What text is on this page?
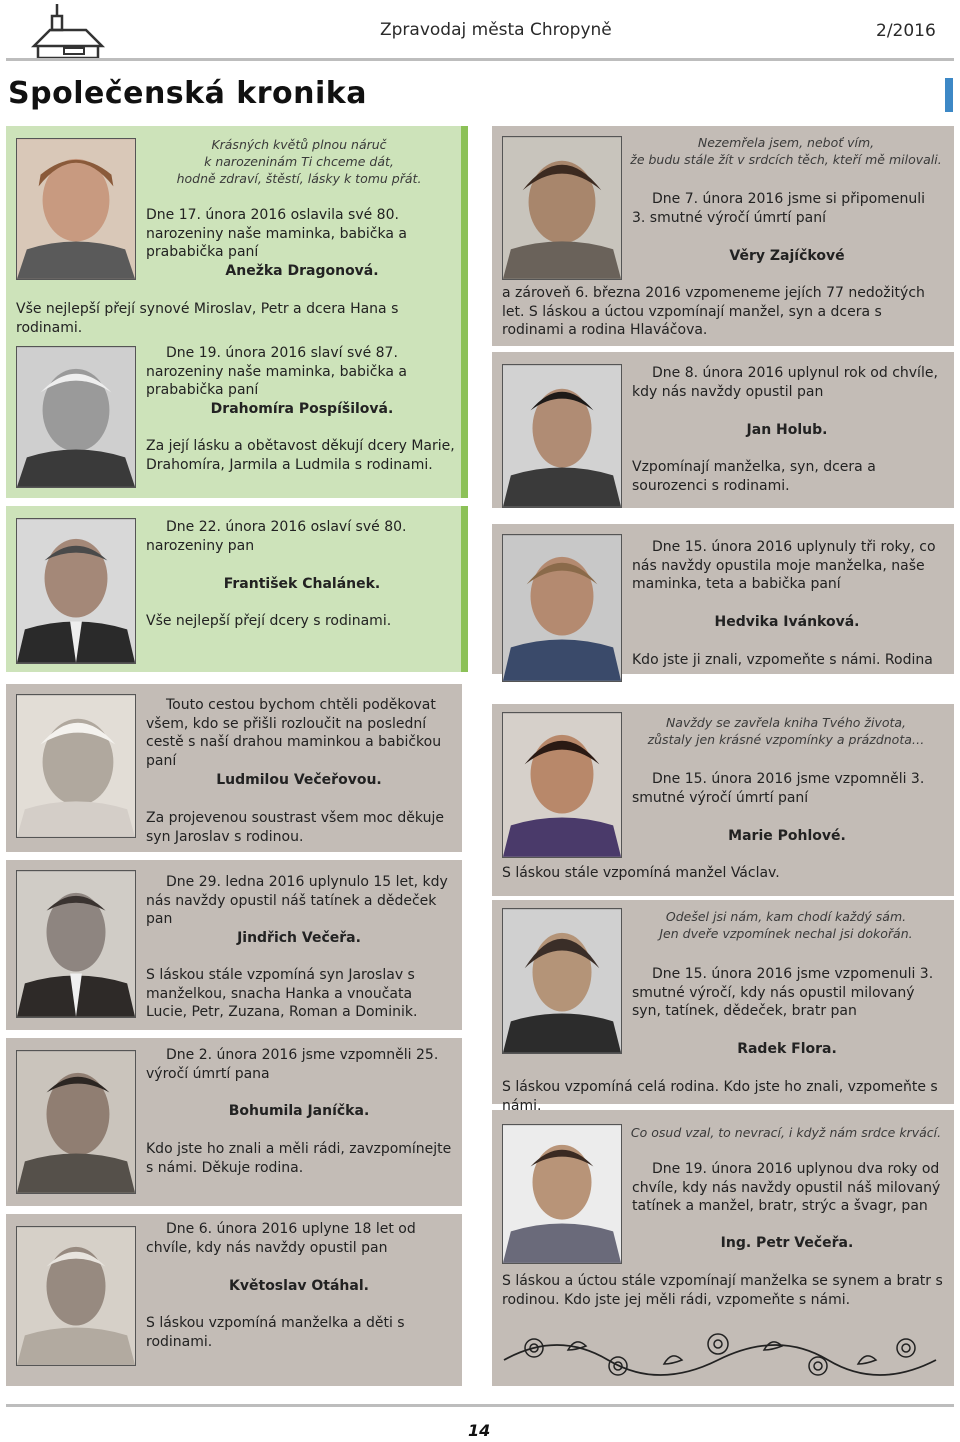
Zpravodaj města Chropyně	2/2016
Společenská kronika
Krásných květů plnou náruč
k narozeninám Ti chceme dát,
hodně zdraví, štěstí, lásky k tomu přát.
Dne 17. února 2016 oslavila své 80. narozeniny naše maminka, babička a prababička paní
Anežka Dragonová.
Vše nejlepší přejí synové Miroslav, Petr a dcera Hana s rodinami.
Dne 19. února 2016 slaví své 87. narozeniny naše maminka, babička a prababička paní
Drahomíra Pospíšilová.
Za její lásku a obětavost děkují dcery Marie, Drahomíra, Jarmila a Ludmila s rodinami.
Dne 22. února 2016 oslaví své 80. narozeniny pan
František Chalánek.
Vše nejlepší přejí dcery s rodinami.
Touto cestou bychom chtěli poděkovat všem, kdo se přišli rozloučit na poslední cestě s naší drahou maminkou a babičkou paní
Ludmilou Večeřovou.
Za projevenou soustrast všem moc děkuje syn Jaroslav s rodinou.
Dne 29. ledna 2016 uplynulo 15 let, kdy nás navždy opustil náš tatínek a dědeček pan
Jindřich Večeřa.
S láskou stále vzpomíná syn Jaroslav s manželkou, snacha Hanka a vnoučata Lucie, Petr, Zuzana, Roman a Dominik.
Dne 2. února 2016 jsme vzpomněli 25. výročí úmrtí pana
Bohumila Janíčka.
Kdo jste ho znali a měli rádi, zavzpomínejte s námi. Děkuje rodina.
Dne 6. února 2016 uplyne 18 let od chvíle, kdy nás navždy opustil pan
Květoslav Otáhal.
S láskou vzpomíná manželka a děti s rodinami.
Nezemřela jsem, neboť vím,
že budu stále žít v srdcích těch, kteří mě milovali.
Dne 7. února 2016 jsme si připomenuli 3. smutné výročí úmrtí paní
Věry Zajíčkové
a zároveň 6. března 2016 vzpomeneme jejích 77 nedožitých let. S láskou a úctou vzpomínají manžel, syn a dcera s rodinami a rodina Hlaváčova.
Dne 8. února 2016 uplynul rok od chvíle, kdy nás navždy opustil pan
Jan Holub.
Vzpomínají manželka, syn, dcera a sourozenci s rodinami.
Dne 15. února 2016 uplynuly tři roky, co nás navždy opustila moje manželka, naše maminka, teta a babička paní
Hedvika Ivánková.
Kdo jste ji znali, vzpomeňte s námi. Rodina
Navždy se zavřela kniha Tvého života,
zůstaly jen krásné vzpomínky a prázdnota…
Dne 15. února 2016 jsme vzpomněli 3. smutné výročí úmrtí paní
Marie Pohlové.
S láskou stále vzpomíná manžel Václav.
Odešel jsi nám, kam chodí každý sám.
Jen dveře vzpomínek nechal jsi dokořán.
Dne 15. února 2016 jsme vzpomenuli 3. smutné výročí, kdy nás opustil milovaný syn, tatínek, dědeček, bratr pan
Radek Flora.
S láskou vzpomíná celá rodina. Kdo jste ho znali, vzpomeňte s námi.
Co osud vzal, to nevrací, i když nám srdce krvácí.
Dne 19. února 2016 uplynou dva roky od chvíle, kdy nás navždy opustil náš milovaný tatínek a manžel, bratr, strýc a švagr, pan
Ing. Petr Večeřa.
S láskou a úctou stále vzpomínají manželka se synem a bratr s rodinou. Kdo jste jej měli rádi, vzpomeňte s námi.
14
